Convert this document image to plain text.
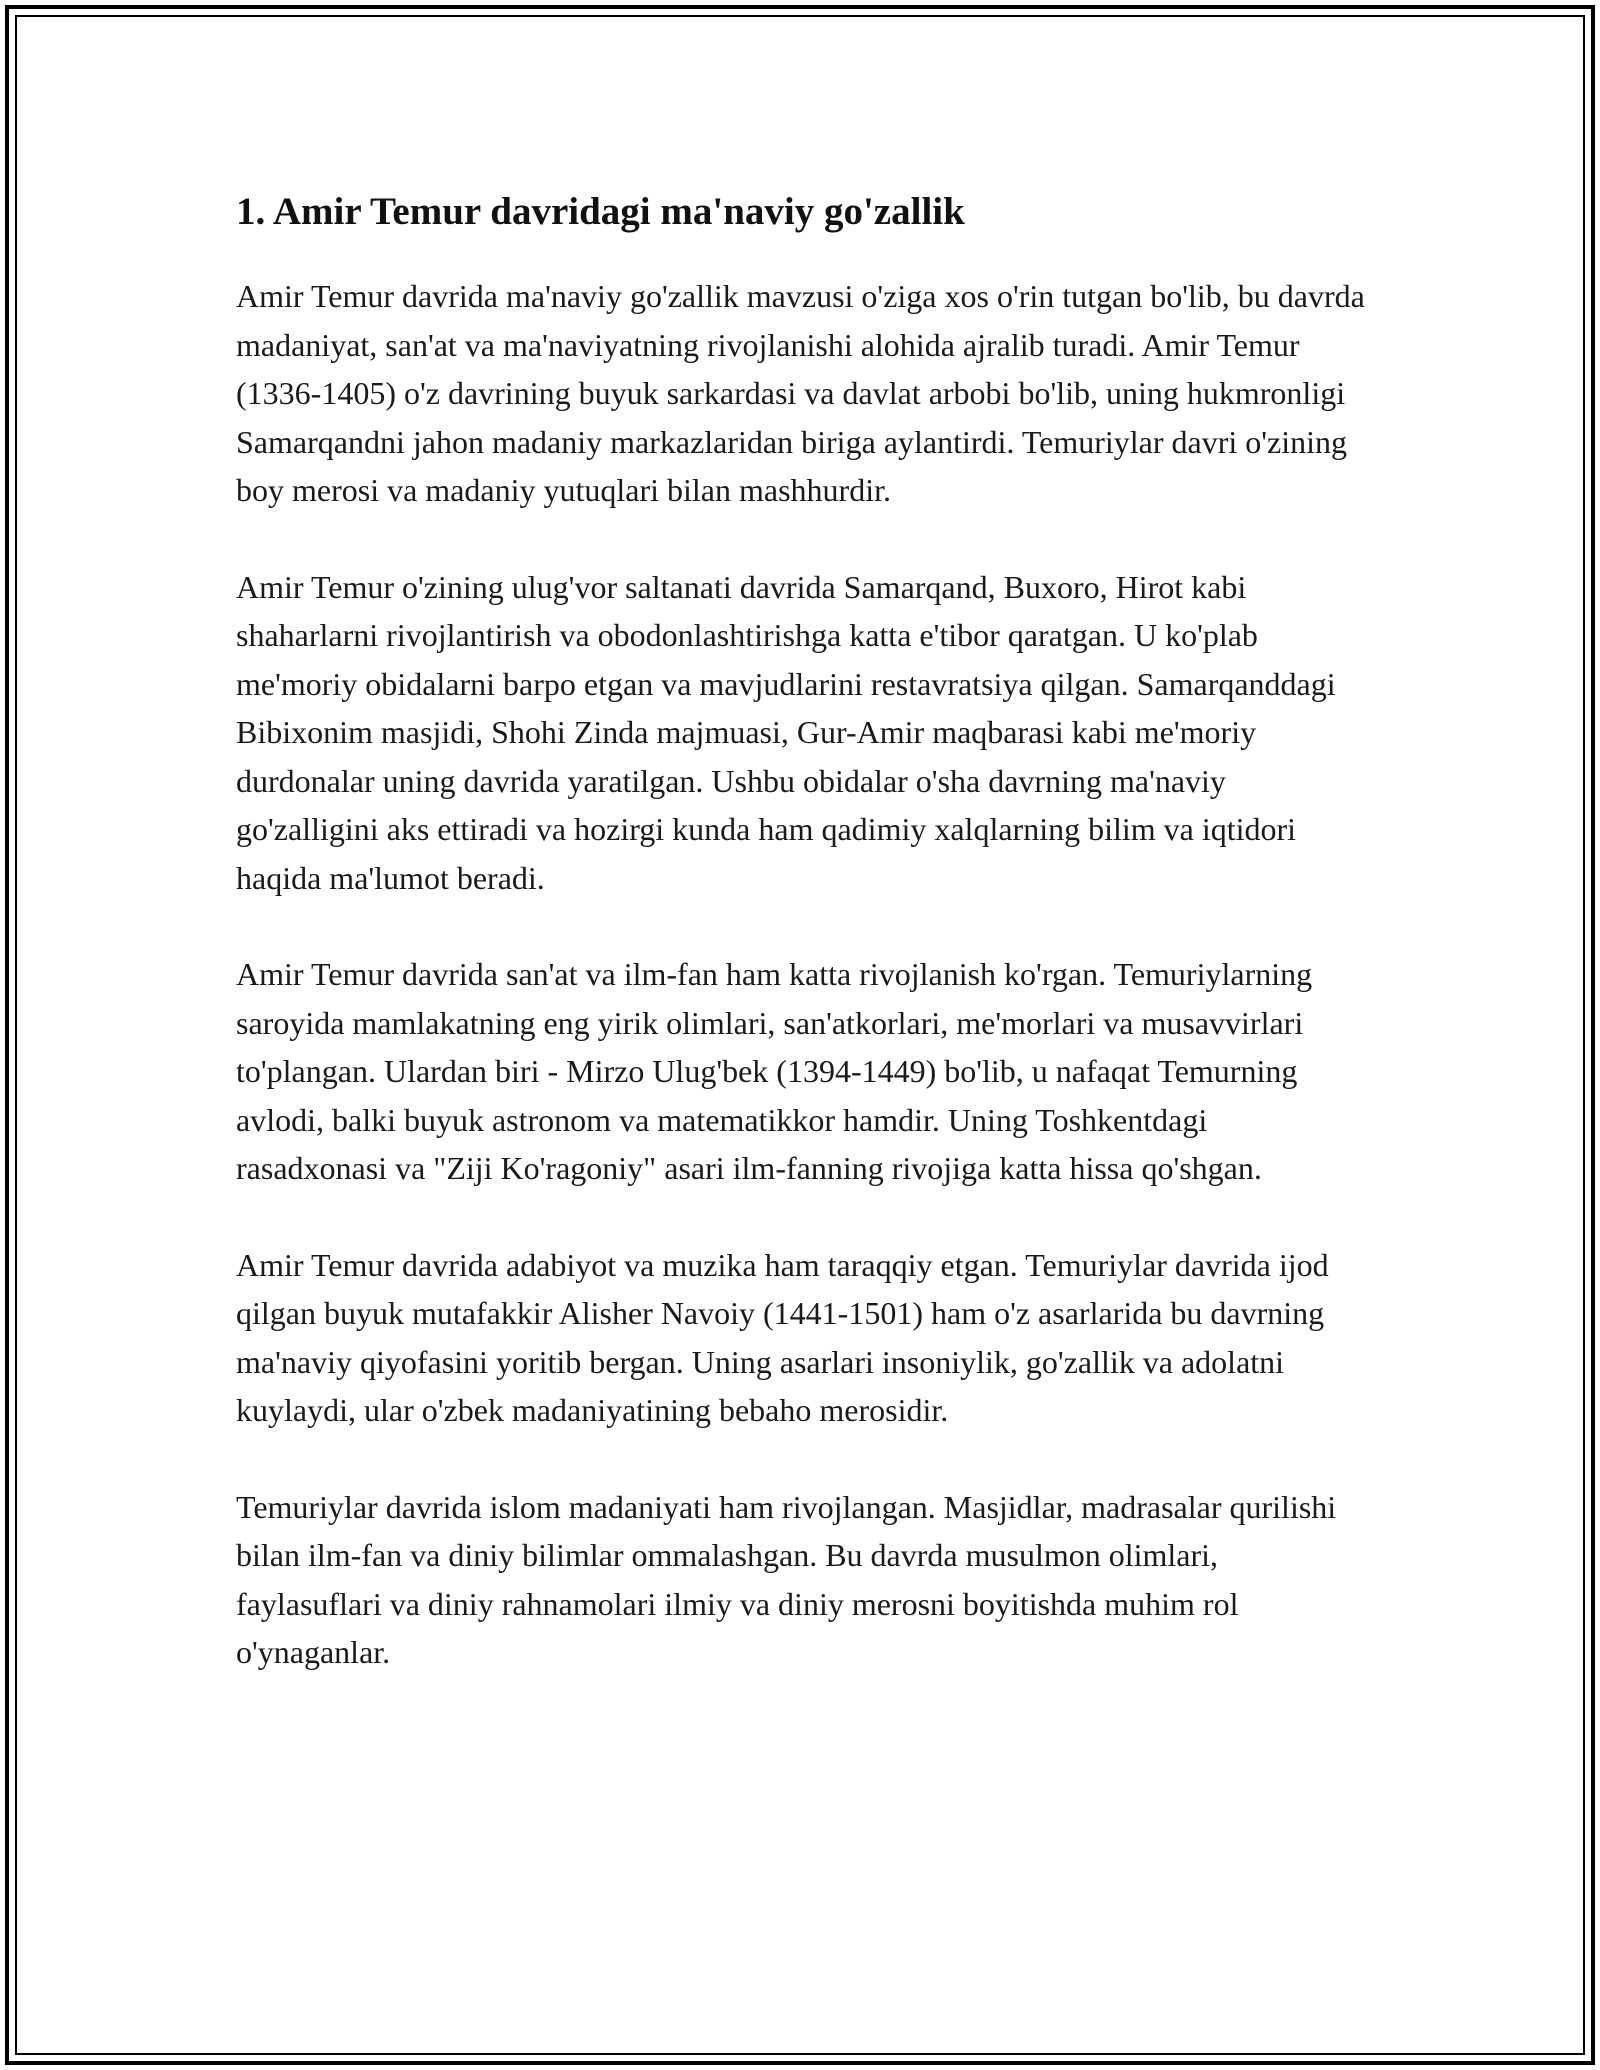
1. Amir Temur davridagi ma'naviy go'zallik

Amir Temur davrida ma'naviy go'zallik mavzusi o'ziga xos o'rin tutgan bo'lib, bu davrda madaniyat, san'at va ma'naviyatning rivojlanishi alohida ajralib turadi. Amir Temur (1336-1405) o'z davrining buyuk sarkardasi va davlat arbobi bo'lib, uning hukmronligi Samarqandni jahon madaniy markazlaridan biriga aylantirdi. Temuriylar davri o'zining boy merosi va madaniy yutuqlari bilan mashhurdir.

Amir Temur o'zining ulug'vor saltanati davrida Samarqand, Buxoro, Hirot kabi shaharlarni rivojlantirish va obodonlashtirishga katta e'tibor qaratgan. U ko'plab me'moriy obidalarni barpo etgan va mavjudlarini restavratsiya qilgan. Samarqanddagi Bibixonim masjidi, Shohi Zinda majmuasi, Gur-Amir maqbarasi kabi me'moriy durdonalar uning davrida yaratilgan. Ushbu obidalar o'sha davrning ma'naviy go'zalligini aks ettiradi va hozirgi kunda ham qadimiy xalqlarning bilim va iqtidori haqida ma'lumot beradi.

Amir Temur davrida san'at va ilm-fan ham katta rivojlanish ko'rgan. Temuriylarning saroyida mamlakatning eng yirik olimlari, san'atkorlari, me'morlari va musavvirlari to'plangan. Ulardan biri - Mirzo Ulug'bek (1394-1449) bo'lib, u nafaqat Temurning avlodi, balki buyuk astronom va matematikkor hamdir. Uning Toshkentdagi rasadxonasi va "Ziji Ko'ragoniy" asari ilm-fanning rivojiga katta hissa qo'shgan.

Amir Temur davrida adabiyot va muzika ham taraqqiy etgan. Temuriylar davrida ijod qilgan buyuk mutafakkir Alisher Navoiy (1441-1501) ham o'z asarlarida bu davrning ma'naviy qiyofasini yoritib bergan. Uning asarlari insoniylik, go'zallik va adolatni kuylaydi, ular o'zbek madaniyatining bebaho merosidir.

Temuriylar davrida islom madaniyati ham rivojlangan. Masjidlar, madrasalar qurilishi bilan ilm-fan va diniy bilimlar ommalashgan. Bu davrda musulmon olimlari, faylasuflari va diniy rahnamolari ilmiy va diniy merosni boyitishda muhim rol o'ynaganlar.
